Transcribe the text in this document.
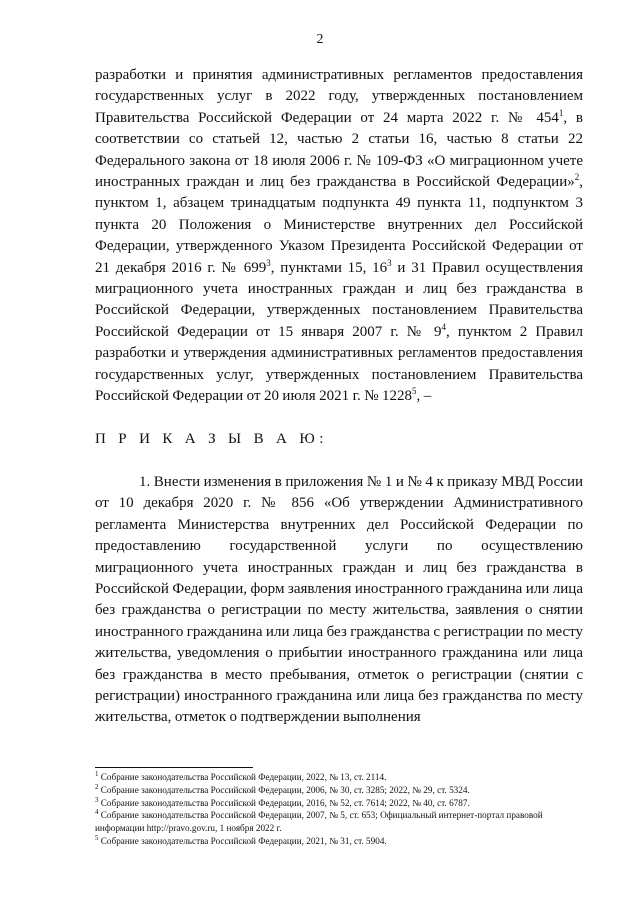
2

разработки и принятия административных регламентов предоставления государственных услуг в 2022 году, утвержденных постановлением Правительства Российской Федерации от 24 марта 2022 г. № 454$^1$, в соответствии со статьей 12, частью 2 статьи 16, частью 8 статьи 22 Федерального закона от 18 июля 2006 г. № 109-ФЗ «О миграционном учете иностранных граждан и лиц без гражданства в Российской Федерации»$^2$, пунктом 1, абзацем тринадцатым подпункта 49 пункта 11, подпунктом 3 пункта 20 Положения о Министерстве внутренних дел Российской Федерации, утвержденного Указом Президента Российской Федерации от 21 декабря 2016 г. № 699$^3$, пунктами 15, 16$^3$ и 31 Правил осуществления миграционного учета иностранных граждан и лиц без гражданства в Российской Федерации, утвержденных постановлением Правительства Российской Федерации от 15 января 2007 г. № 9$^4$, пунктом 2 Правил разработки и утверждения административных регламентов предоставления государственных услуг, утвержденных постановлением Правительства Российской Федерации от 20 июля 2021 г. № 1228$^5$, –

П Р И К А З Ы В А Ю:

1. Внести изменения в приложения № 1 и № 4 к приказу МВД России от 10 декабря 2020 г. № 856 «Об утверждении Административного регламента Министерства внутренних дел Российской Федерации по предоставлению государственной услуги по осуществлению миграционного учета иностранных граждан и лиц без гражданства в Российской Федерации, форм заявления иностранного гражданина или лица без гражданства о регистрации по месту жительства, заявления о снятии иностранного гражданина или лица без гражданства с регистрации по месту жительства, уведомления о прибытии иностранного гражданина или лица без гражданства в место пребывания, отметок о регистрации (снятии с регистрации) иностранного гражданина или лица без гражданства по месту жительства, отметок о подтверждении выполнения

$^1$ Собрание законодательства Российской Федерации, 2022, № 13, ст. 2114.

$^2$ Собрание законодательства Российской Федерации, 2006, № 30, ст. 3285; 2022, № 29, ст. 5324.

$^3$ Собрание законодательства Российской Федерации, 2016, № 52, ст. 7614; 2022, № 40, ст. 6787.

$^4$ Собрание законодательства Российской Федерации, 2007, № 5, ст. 653; Официальный интернет-портал правовой информации http://pravo.gov.ru, 1 ноября 2022 г.

$^5$ Собрание законодательства Российской Федерации, 2021, № 31, ст. 5904.
